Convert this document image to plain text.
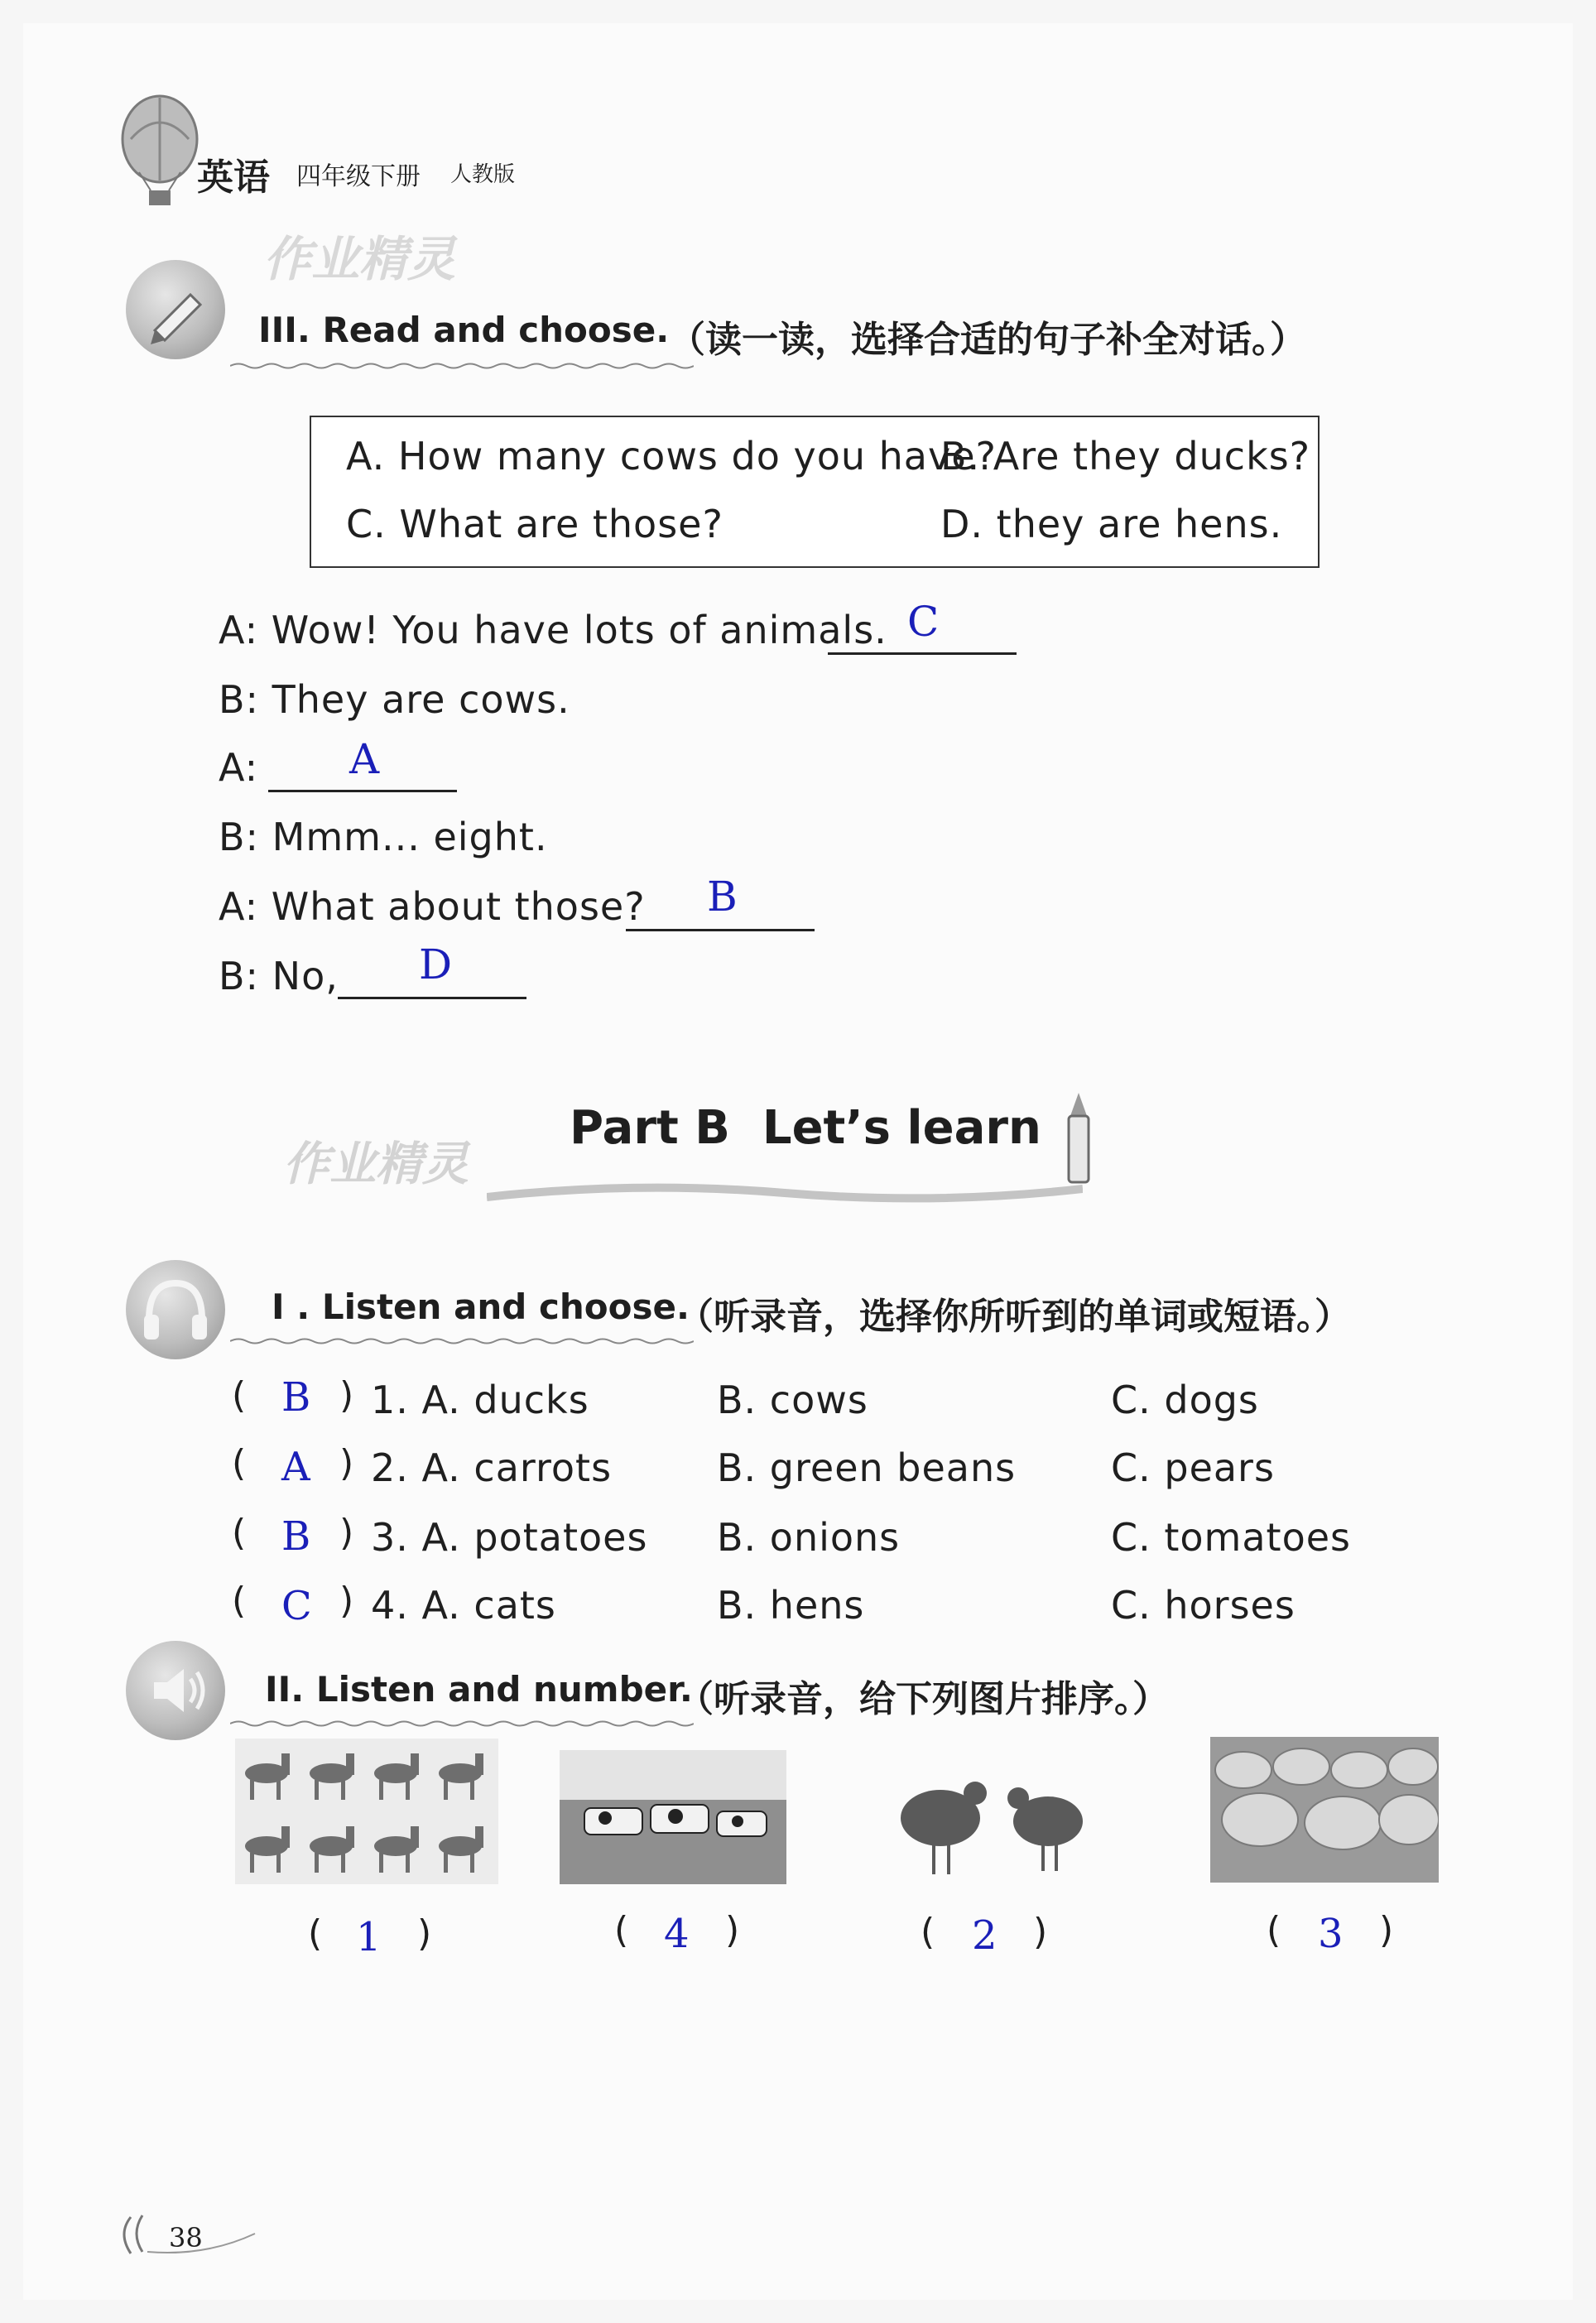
英语 四年级下册 人教版
作业精灵
III. Read and choose. （读一读，选择合适的句子补全对话。）
A. How many cows do you have?
B. Are they ducks?
C. What are those?	D. they are hens.
A: Wow! You have lots of animals. C
B: They are cows.
A: A
B: Mmm... eight.
A: What about those? B
B: No, D
作业精灵
Part B  Let’s learn
I . Listen and choose.
（听录音，选择你所听到的单词或短语。）
( B ) 1. A. ducks	B. cows	C. dogs
( A ) 2. A. carrots	B. green beans C. pears
( B ) 3. A. potatoes B. onions	C. tomatoes
( C ) 4. A. cats	B. hens	C. horses
II. Listen and number.
（听录音，给下列图片排序。）
( 1 )	( 4 )	( 2 )	( 3 )
38
